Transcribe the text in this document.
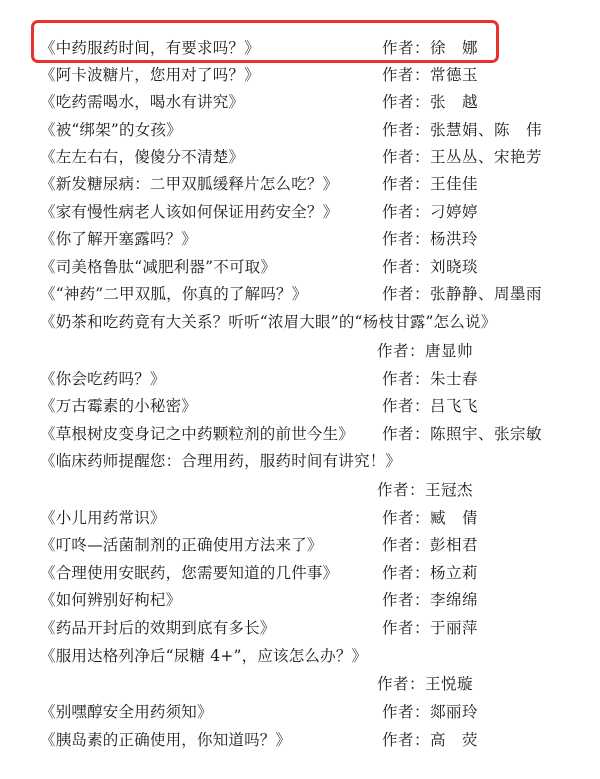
《中药服药时间，有要求吗？》	作者：徐　娜
《阿卡波糖片，您用对了吗？》	作者：常德玉
《吃药需喝水，喝水有讲究》	作者：张　越
《被“绑架”的女孩》	作者：张慧娟、陈　伟
《左左右右，傻傻分不清楚》	作者：王丛丛、宋艳芳
《新发糖尿病：二甲双胍缓释片怎么吃？》	作者：王佳佳
《家有慢性病老人该如何保证用药安全？》	作者：刁婷婷
《你了解开塞露吗？》	作者：杨洪玲
《司美格鲁肽“减肥利器”不可取》	作者：刘晓琰
《“神药”二甲双胍，你真的了解吗？》	作者：张静静、周墨雨
《奶茶和吃药竟有大关系？听听“浓眉大眼”的“杨枝甘露”怎么说》
作者：唐显帅
《你会吃药吗？》	作者：朱士春
《万古霉素的小秘密》	作者：吕飞飞
《草根树皮变身记之中药颗粒剂的前世今生》 作者：陈照宇、张宗敏
《临床药师提醒您：合理用药，服药时间有讲究！》
作者：王冠杰
《小儿用药常识》	作者：臧　倩
《叮咚—活菌制剂的正确使用方法来了》	作者：彭相君
《合理使用安眠药，您需要知道的几件事》	作者：杨立莉
《如何辨别好枸杞》	作者：李绵绵
《药品开封后的效期到底有多长》	作者：于丽萍
《服用达格列净后“尿糖 4+”，应该怎么办？》
作者：王悦璇
《别嘿醇安全用药须知》	作者：郯丽玲
《胰岛素的正确使用，你知道吗？》	作者：高　荧
